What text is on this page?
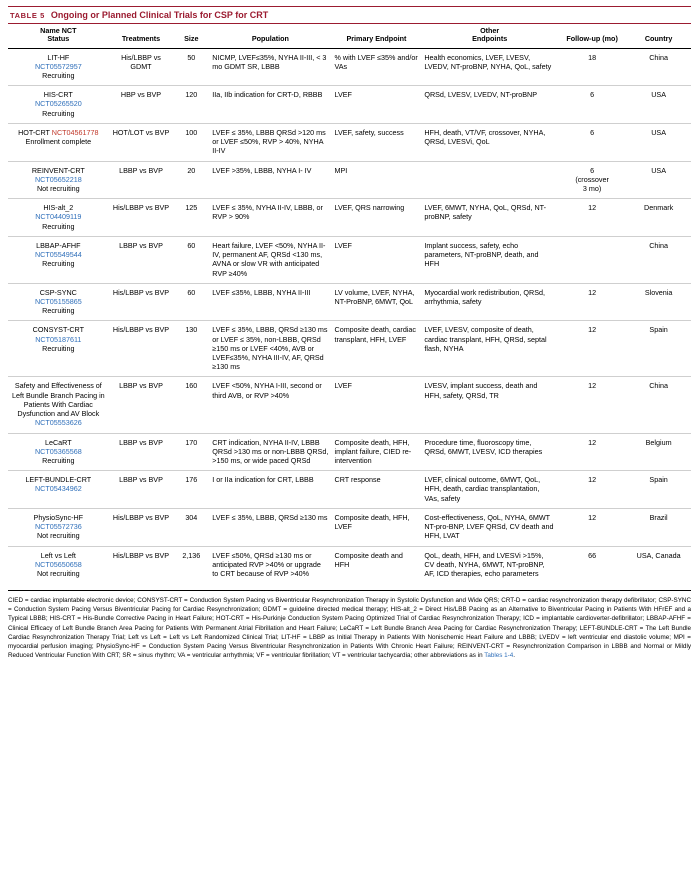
TABLE 5 Ongoing or Planned Clinical Trials for CSP for CRT
Name NCT
Status	Treatments	Size	Population	Primary Endpoint	Other
Endpoints	Follow-up (mo)	Country

LIT-HF
NCT05572957
Recruiting	His/LBBP vs GDMT	50	NICMP, LVEF≤35%, NYHA II-III, < 3 mo GDMT SR, LBBB	% with LVEF ≤35% and/or VAs	Health economics, LVEF, LVESV, LVEDV, NT-proBNP, NYHA, QoL, safety	18	China

HIS-CRT
NCT05265520
Recruiting	HBP vs BVP	120	IIa, IIb indication for CRT-D, RBBB	LVEF	QRSd, LVESV, LVEDV, NT-proBNP	6	USA
HOT-CRT NCT04561778
Enrollment complete	HOT/LOT vs BVP	100	LVEF ≤ 35%, LBBB QRSd >120 ms or LVEF ≤50%, RVP > 40%, NYHA II-IV	LVEF, safety, success	HFH, death, VT/VF, crossover, NYHA, QRSd, LVESVi, QoL	6	USA

REINVENT-CRT
NCT05652218
Not recruiting	LBBP vs BVP	20	LVEF >35%, LBBB, NYHA I- IV	MPI		6
(crossover
3 mo)	USA

HIS-alt_2
NCT04409119
Recruiting	His/LBBP vs BVP	125	LVEF ≤ 35%, NYHA II-IV, LBBB, or RVP > 90%	LVEF, QRS narrowing	LVEF, 6MWT, NYHA, QoL, QRSd, NT-proBNP, safety	12	Denmark

LBBAP-AFHF
NCT05549544
Recruiting	LBBP vs BVP	60	Heart failure, LVEF <50%, NYHA II-IV, permanent AF, QRSd <130 ms, AVNA or slow VR with anticipated RVP ≥40%	LVEF	Implant success, safety, echo parameters, NT-proBNP, death, and HFH		China

CSP-SYNC
NCT05155865
Recruiting	His/LBBP vs BVP	60	LVEF ≤35%, LBBB, NYHA II-III	LV volume, LVEF, NYHA, NT-ProBNP, 6MWT, QoL	Myocardial work redistribution, QRSd, arrhythmia, safety	12	Slovenia

CONSYST-CRT
NCT05187611
Recruiting	His/LBBP vs BVP	130	LVEF ≤ 35%, LBBB, QRSd ≥130 ms or LVEF ≤ 35%, non-LBBB, QRSd ≥150 ms or LVEF <40%, AVB or LVEF≤35%, NYHA III-IV, AF, QRSd ≥130 ms	Composite death, cardiac transplant, HFH, LVEF	LVEF, LVESV, composite of death, cardiac transplant, HFH, QRSd, septal flash, NYHA	12	Spain

Safety and Effectiveness of Left Bundle Branch Pacing in Patients With Cardiac Dysfunction and AV Block
NCT05553626	LBBP vs BVP	160	LVEF <50%, NYHA I-III, second or third AVB, or RVP >40%	LVEF	LVESV, implant success, death and HFH, safety, QRSd, TR	12	China

LeCaRT
NCT05365568
Recruiting	LBBP vs BVP	170	CRT indication, NYHA II-IV, LBBB QRSd >130 ms or non-LBBB QRSd, >150 ms, or wide paced QRSd	Composite death, HFH, implant failure, CIED re-intervention	Procedure time, fluoroscopy time, QRSd, 6MWT, LVESV, ICD therapies	12	Belgium

LEFT-BUNDLE-CRT
NCT05434962	LBBP vs BVP	176	I or IIa indication for CRT, LBBB	CRT response	LVEF, clinical outcome, 6MWT, QoL, HFH, death, cardiac transplantation, VAs, safety	12	Spain

PhysioSync-HF
NCT05572736
Not recruiting	His/LBBP vs BVP	304	LVEF ≤ 35%, LBBB, QRSd ≥130 ms	Composite death, HFH, LVEF	Cost-effectiveness, QoL, NYHA, 6MWT NT-pro-BNP, LVEF QRSd, CV death and HFH, LVAT	12	Brazil

Left vs Left
NCT05650658
Not recruiting	His/LBBP vs BVP	2,136	LVEF ≤50%, QRSd ≥130 ms or anticipated RVP >40% or upgrade to CRT because of RVP >40%	Composite death and HFH	QoL, death, HFH, and LVESVi >15%, CV death, NYHA, 6MWT, NT-proBNP, AF, ICD therapies, echo parameters	66	USA, Canada
CIED = cardiac implantable electronic device; CONSYST-CRT = Conduction System Pacing vs Biventricular Resynchronization Therapy in Systolic Dysfunction and Wide QRS; CRT-D = cardiac resynchronization therapy defibrillator; CSP-SYNC = Conduction System Pacing Versus Biventricular Pacing for Cardiac Resynchronization; GDMT = guideline directed medical therapy; HIS-alt_2 = Direct His/LBB Pacing as an Alternative to Biventricular Pacing in Patients With HFrEF and a Typical LBBB; HIS-CRT = His-Bundle Corrective Pacing in Heart Failure; HOT-CRT = His-Purkinje Conduction System Pacing Optimized Trial of Cardiac Resynchronization Therapy; ICD = implantable cardioverter-defibrillator; LBBAP-AFHF = Clinical Efficacy of Left Bundle Branch Area Pacing for Patients With Permanent Atrial Fibrillation and Heart Failure; LeCaRT = Left Bundle Branch Area Pacing for Cardiac Resynchronization Therapy; LEFT-BUNDLE-CRT = The Left Bundle Cardiac Resynchronization Therapy Trial; Left vs Left = Left vs Left Randomized Clinical Trial; LIT-HF = LBBP as Initial Therapy in Patients With Nonischemic Heart Failure and LBBB; LVEDV = left ventricular end diastolic volume; MPI = myocardial perfusion imaging; PhysioSync-HF = Conduction System Pacing Versus Biventricular Resynchronization in Patients With Chronic Heart Failure; REINVENT-CRT = Resynchronization Comparison in LBBB and Normal or Mildly Reduced Ventricular Function With CRT; SR = sinus rhythm; VA = ventricular arrhythmia; VF = ventricular fibrillation; VT = ventricular tachycardia; other abbreviations as in Tables 1-4.
